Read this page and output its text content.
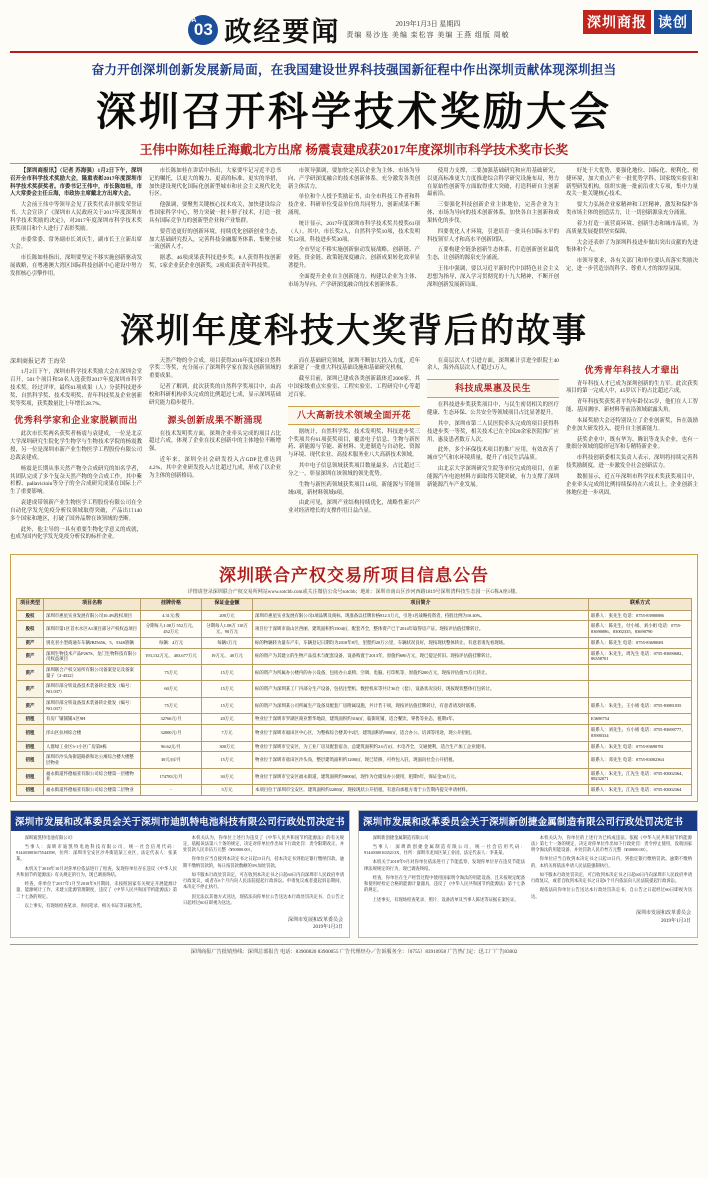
A
03 政经要闻	2019年1月3日 星期四
责编 易沙连 美编 栾松容 美编 王燕 组版 周敏
深圳商报 读创
奋力开创深圳创新发展新局面，在我国建设世界科技强国新征程中作出深圳贡献体现深圳担当
深圳召开科学技术奖励大会
王伟中陈如桂丘海戴北方出席 杨震袁建成获2017年度深圳市科学技术奖市长奖

【深圳商报讯】（记者 苏海强）1月2日下午，深圳召开全市科学技术奖励大会，隆重表彰2017年度深圳市科学技术奖获奖者。市委书记王伟中，市长陈如桂，市人大常委会主任丘海，市政协主席戴北方出席大会。

大会前王伟中等领导会见了获奖代表并颁发荣誉证书。大会宣读了《深圳市人民政府关于2017年度深圳市科学技术奖励的决定》，对2017年度深圳市科学技术奖获奖项目和个人进行了表彰奖励。

市委常委、常务副市长刘庆生，副市长王立新出席大会。

市长陈如桂指出，深圳要坚定不移实施创新驱动发展战略，在粤港澳大湾区国际科技创新中心建设中努力发挥核心引擎作用。

市长陈如桂在讲话中指出，大家要牢记习近平总书记的嘱托，以更大的魄力、更高的标准、更实的举措，加快建设现代化国际化创新型城市和社会主义现代化先行区。

他强调，要聚焦关键核心技术攻关，加快建设综合性国家科学中心，努力突破一批卡脖子技术，打造一批具有国际竞争力的创新型企业和产业集群。

要营造更好的创新环境，持续优化创新创业生态，加大基础研究投入，完善科技金融服务体系，集聚全球一流创新人才。

据悉，46项成果获科技进步奖，8人获得科技创新奖，5家企业获企业创新奖，2项成果获青年科技奖。

市领导强调，要加快完善以企业为主体、市场为导向、产学研深度融合的技术创新体系，充分激发各类创新主体活力。

单位和个人授予奖励证书，由全市科技工作者和科技企业、科研单位受益单位的共同努力，创新成果不断涌现。

统计显示，2017年度深圳市科学技术奖共授奖61项（人）。其中，市长奖2人，自然科学奖10项，技术发明奖12项，科技进步奖30项。

全市坚定不移实施创新驱动发展战略，创新链、产业链、资金链、政策链深度融合，创新成果转化效率显著提升。

全面提升企业自主创新能力，构建以企业为主体、市场为导向、产学研深度融合的技术创新体系。

使用力支撑，二要加强基础研究和应用基础研究，以更高标准更大力度推进综合科学研究设施布局，努力在原始性创新等方面取得重大突破，打造科研自主创新最前沿。

三要强化科技创新企业主体地位，完善企业为主体、市场为导向的技术创新体系，加快各自主创新和成果转化的步伐。

四要优化人才环境，引进培育一批具有国际水平的科技领军人才和高水平创新团队。

五要构建全链条创新生态体系，打造创新创业最优生态，让创新的源泉充分涌流。

王伟中强调，要以习近平新时代中国特色社会主义思想为指导，深入学习贯彻党的十九大精神，不断开创深圳创新发展新局面。

好处于大优势，要强化地位、国际化、便利化、便捷环境，加大重点产业一批优势学科、国家级实验室和新型研发机构，组织实施一批前沿重大专项，集中力量攻关一批关键核心技术。

要大力弘扬企业家精神和工匠精神，激发和保护各类市场主体的创造活力，让一切创新源泉充分涌流。

着力打造一流营商环境、创新生态和城市品质，为高质量发展提供坚实保障。

大会还表彰了为深圳科技进步做出突出贡献的先进集体和个人。

市领导要求，各有关部门和单位要认真落实奖励决定，进一步营造崇尚科学、尊重人才的浓厚氛围。

深圳年度科技大奖背后的故事
深圳商报记者 王海荣

1月2日下午，深圳市科学技术奖励大会在深圳会堂召开，501个项目和50名人选获得2017年度深圳市科学技术奖。经过评审，最终61项成果（人）分获科技进步奖、自然科学奖、技术发明奖、青年科技奖及企业创新奖等奖项，获奖数量比上年增长28.7%。

优秀科学家和企业家脱颖而出

此次市长奖两名获奖者杨震与袁建成，一位是北京大学深圳研究生院化学生物学与生物技术学院的杨震教授，另一位是深圳市新产业生物医学工程股份有限公司总裁袁建成。

杨震是长期从事天然产物全合成研究的知名学者，其团队完成了多个复杂天然产物的全合成工作，其中紫杉醇、pallavicinin等分子的全合成研究成果在国际上产生了重要影响。

袁建成带领新产业生物医学工程股份有限公司在全自动化学发光免疫分析仪领域取得突破，产品出口140多个国家和地区，打破了国外品牌在该领域的垄断。

此外，他主导的一具有重要生物化学意义的成就，也成为国内化学发光免疫分析仪的标杆企业。

天然产物的全合成，项目获得2016年度国家自然科学奖二等奖，充分展示了深圳科学家在源头创新领域的重要成果。

记者了解到，此次获奖的自然科学奖项目中，由高校和科研机构牵头完成的比例超过七成，显示深圳基础研究能力稳步提升。

源头创新成果不断涌现

在技术发明奖方面，深圳企业牵头完成的项目占比超过六成，体现了企业在技术创新中的主体地位不断增强。

近年来，深圳全社会研发投入占GDP比重达到4.2%，其中企业研发投入占比超过九成，形成了以企业为主体的创新格局。

而在基础研究领域，深圳不断加大投入力度，近年来新建了一批重大科技基础设施和基础研究机构。

截至目前，深圳已建成各类创新载体近2000家，其中国家级重点实验室、工程实验室、工程研究中心等超过百家。

八大高新技术领域全面开花

据统计，自然科学奖、技术发明奖、科技进步奖三个奖项共有61项获奖项目，覆盖电子信息、生物与新医药、新能源与节能、新材料、先进制造与自动化、资源与环境、现代农业、高技术服务业八大高新技术领域。

其中电子信息领域获奖项目数量最多，占比超过三分之一，彰显深圳在该领域的领先优势。

生物与新医药领域获奖项目14项，新能源与节能领域9项，新材料领域8项。

由此可见，深圳产业结构持续优化，战略性新兴产业对经济增长的支撑作用日益凸显。

在高层次人才引进方面，深圳累计引进全职院士40余人，海外高层次人才超过1万人。

科技成果惠及民生

在科技进步奖获奖项目中，与民生密切相关的医疗健康、生态环保、公共安全等领域项目占比显著提升。

其中，深圳市第二人民医院牵头完成的项目获得科技进步奖一等奖，相关技术已在全国20余家医院推广应用，惠及患者数万人次。

此外，多个环保技术项目的推广应用，有效改善了城市空气和水环境质量，提升了市民生活品质。

由北京大学深圳研究生院等单位完成的项目，在新能源汽车电池材料方面取得关键突破，有力支撑了深圳新能源汽车产业发展。

优秀青年科技人才辈出

青年科技人才已成为深圳创新的生力军。此次获奖项目的第一完成人中，45岁以下的占比超过六成。

青年科技奖获奖者平均年龄仅35岁，他们在人工智能、基因测序、新材料等前沿领域崭露头角。

本届奖励大会还特别设立了企业创新奖，旨在鼓励企业加大研发投入、提升自主创新能力。

获奖企业中，既有华为、腾讯等龙头企业，也有一批细分领域的隐形冠军和专精特新企业。

市科技创新委相关负责人表示，深圳将持续完善科技奖励制度，进一步激发全社会创新活力。

数据显示，近五年深圳市科学技术奖获奖项目中，企业牵头完成的比例持续保持在六成以上，企业创新主体地位进一步巩固。

深圳联合产权交易所项目信息公告
详情请登录深圳联合产权交易所网站www.sotcbb.com或关注微信公众号sotcbb；地址：深圳市南山区沙河西路1819号深圳湾科技生态园一区G栋A座1楼。
项目类型	项目名称	挂牌价格	保证金金额	项目简介	联系方式
股权	深圳市惠星实业发展有限公司10.4%股权项目	4.31元/股	200万元	深圳市惠星实业发展有限公司3项品牌及商标，现准备以挂牌价格812.5万元，引进1名战略投资者，持股比例为10.40%。	联系人：张先生 电话：0755-83900886
股权	深圳市第1区首水水区A1项目部分产权权益项目	分期每人1.08万 552万元、452万元	分期每人1.08万 110万元、90万元	项目位于深圳市南山区西丽，建筑面积约1504㎡，配套齐全，整体资产已于2014年取得房产证。现按评估值挂牌转让。	联系人：陈先生、付小姐、刘小姐 电话：0755-83690086、83002335、83690790
资产	别克君小型商通车车辆JBJ5656、5、534S轿辆	每辆：4万元	每辆1万元	标的物辆转为量车产车，车辆登记日期均为2010年8月，里程约20万公里，车辆状况良好，现按现状整体转让。有意者请先看现场。	联系人：陈先生 电话：0755-83690681
资产	深圳生物技术产品P267S、龙门生物科技有限公司权益项目	193,132万元、 403,677万元	19万元、 40万元	标的资产为其建立的生物产品技术与配套设备，设备购置于2013年，原值约680万元，现已提足折旧。现按评估值挂牌转让。	联系人：朱先生、周先生 电话：0755-83690682、86358701
资产	深圳联合产权交易所有限公司备案登记及备案量子（2-4522）	75万元	15万元	标的资产为所属办公楼内的办公设备，包括办公桌椅、空调、电脑、打印机等，原值约200万元，现按评估值75万元转让。	
资产	深圳市部分铁设备技术装备转让批发（编号：NO.037）	60万元	15万元	标的资产为深圳某工厂内部分生产设备，包括注塑机、数控机床等共计36台（套），设备状况良好，现按现状整体打包转让。	
资产	深圳市部分铁设备技术装备转让批发（编号：NO.037）	75万元	15万元	标的资产为深圳某公司所属生产设备及配套厂房附属设施，共计若干项，现按评估值挂牌转让，有意者请及时联系。	联系人：朱先生、王小姐 电话：0755-83881035
招租	有房厂铺铺铺A区9H	32766元/月	20万元	物业位于深圳市罗湖区商业繁华地段，建筑面积约316㎡，临街旺铺，适合餐饮、零售等业态，租期3年。	E3690754
招租	洋山区抗州综合楼	32000元/月	7万元	物业位于深圳市福田区中心区，为整栋综合楼其中2层，建筑面积约800㎡，适合办公、培训等用途，现公开招租。	联系人：刘先生、方小姐 电话：0755-83690777、83900334
招租	人群绿工业区3-1小区广房第8栋	96.62元/月	300万元	物业位于深圳市宝安区，为工业厂房及配套宿舍，总建筑面积约2.6万㎡，水电齐全，交通便利，适合生产加工企业使用。	联系人：朱先生 电话：0755-83690781
招租	深圳市沙头角街道路新和达公寓综合楼大楼整层物业	30元/㎡/月	15万元	物业位于深圳市盐田区沙头角，整层建筑面积约1200㎡，现已装修，可拎包入驻，现面向社会公开招租。	联系人：邓先生 电话：0755-83002364
招租	福永街道怀德福亚有限公司综合楼第一层楼物业	174783元/月	30万元	物业位于深圳市宝安区福永街道，建筑面积约5800㎡，现作为仓储及办公使用，租期5年，保证金30万元。	联系人：朱先生、江先生 电话：0755-83002364、88232071
招租	福永街道怀德福亚有限公司综合楼第二层物业	-	5万元	本项目位于深圳市宝安区，建筑面积约2200㎡，现按现状公开招租，有意向承租方请于公告期内提交申请材料。	联系人：朱先生、江先生 电话：0755-83002364
深圳市发展和改革委员会关于深圳市迪凯特电池科技有限公司行政处罚决定书

深圳迪凯特电池有限公司：

当事人：深圳市迪凯特电池科技有限公司，统一社会信用代码：914403003675544398，住所：深圳市宝安区沙井街道某工业区，法定代表人：张某某。

本机关于2018年10月对你单位依法进行了检查，发现你单位存在违反《中华人民共和国节约能源法》有关规定的行为，现已调查终结。

经查，你单位于2017年1月至2018年9月期间，未按照国家有关规定开展能源计量、能源统计工作，未建立能源管理制度，违反了《中华人民共和国节约能源法》第二十七条的规定。

以上事实，有现场检查笔录、询问笔录、相关书证等证据为凭。

本机关认为，你单位上述行为违反了《中华人民共和国节约能源法》的有关规定，依据该法第八十条的规定，决定对你单位作出如下行政处罚：责令限期改正，并处罚款人民币伍万元整（¥50000.00）。

你单位应当自接到本决定书之日起15日内，持本决定书到指定银行缴纳罚款。逾期不缴纳罚款的，每日按罚款数额的3%加处罚款。

如不服本行政处罚决定，可在收到本决定书之日起60日内向深圳市人民政府申请行政复议，或者在6个月内向人民法院提起行政诉讼。申请复议或者提起诉讼期间，本决定不停止执行。

因无法以其他方式送达，现依法向你单位公告送达本行政处罚决定书，自公告之日起经过60日即视为送达。

深圳市发展和改革委员会
2019年1月3日
深圳市发展和改革委员会关于深圳新创捷金属制造有限公司行政处罚决定书

深圳新创捷金属制造有限公司：

当事人：深圳新创捷金属制造有限公司，统一社会信用代码：914403001635213X，住所：深圳市龙岗区某工业园，法定代表人：李某某。

本机关于2018年9月对你单位依法进行了节能监察，发现你单位存在违反节能法律法规规定的行为，现已调查终结。

经查，你单位在生产经营过程中使用国家明令淘汰的用能设备，且未按规定配备和使用经检定合格的能源计量器具，违反了《中华人民共和国节约能源法》第十七条的规定。

上述事实，有现场检查笔录、照片、设备清单及当事人陈述等证据在案佐证。

本机关认为，你单位的上述行为已构成违法。依据《中华人民共和国节约能源法》第七十一条的规定，决定对你单位作出如下行政处罚：责令停止使用，没收国家明令淘汰的用能设备，并处罚款人民币叁万元整（¥30000.00）。

你单位应当自收到本决定书之日起15日内，到指定银行缴纳罚款。逾期不缴纳的，本机关将依法申请人民法院强制执行。

如不服本行政处罚决定，可自收到本决定书之日起60日内向深圳市人民政府申请行政复议，或者自收到本决定书之日起6个月内依法向人民法院提起行政诉讼。

现依法向你单位公告送达本行政处罚决定书，自公告之日起经过60日即视为送达。

深圳市发展和改革委员会
2019年1月3日
深圳商报广告批销热线：深圳总部报告 电话：83900820 83900055 广告代理经办／告诉服务全：（0755）83910958 广告热门定：迅工厂广告83002
